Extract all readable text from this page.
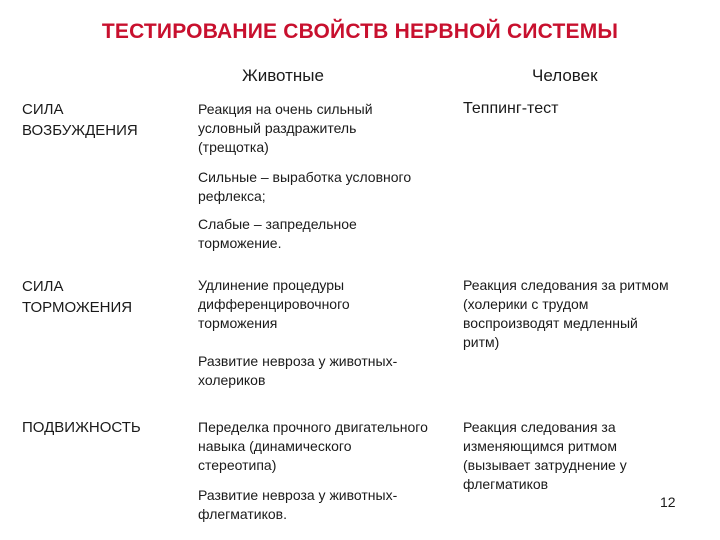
ТЕСТИРОВАНИЕ СВОЙСТВ НЕРВНОЙ СИСТЕМЫ
Животные	Человек
СИЛА ВОЗБУЖДЕНИЯ
Реакция на очень сильный условный раздражитель (трещотка)
Сильные – выработка условного рефлекса;
Слабые – запредельное торможение.
Теппинг-тест
СИЛА ТОРМОЖЕНИЯ
Удлинение процедуры дифференцировочного торможения
Развитие невроза у животных-холериков
Реакция следования за ритмом (холерики с трудом воспроизводят медленный ритм)
ПОДВИЖНОСТЬ	Переделка прочного двигательного навыка (динамического стереотипа)
Развитие невроза у животных-флегматиков.
Реакция следования за изменяющимся ритмом (вызывает затруднение у флегматиков
12
